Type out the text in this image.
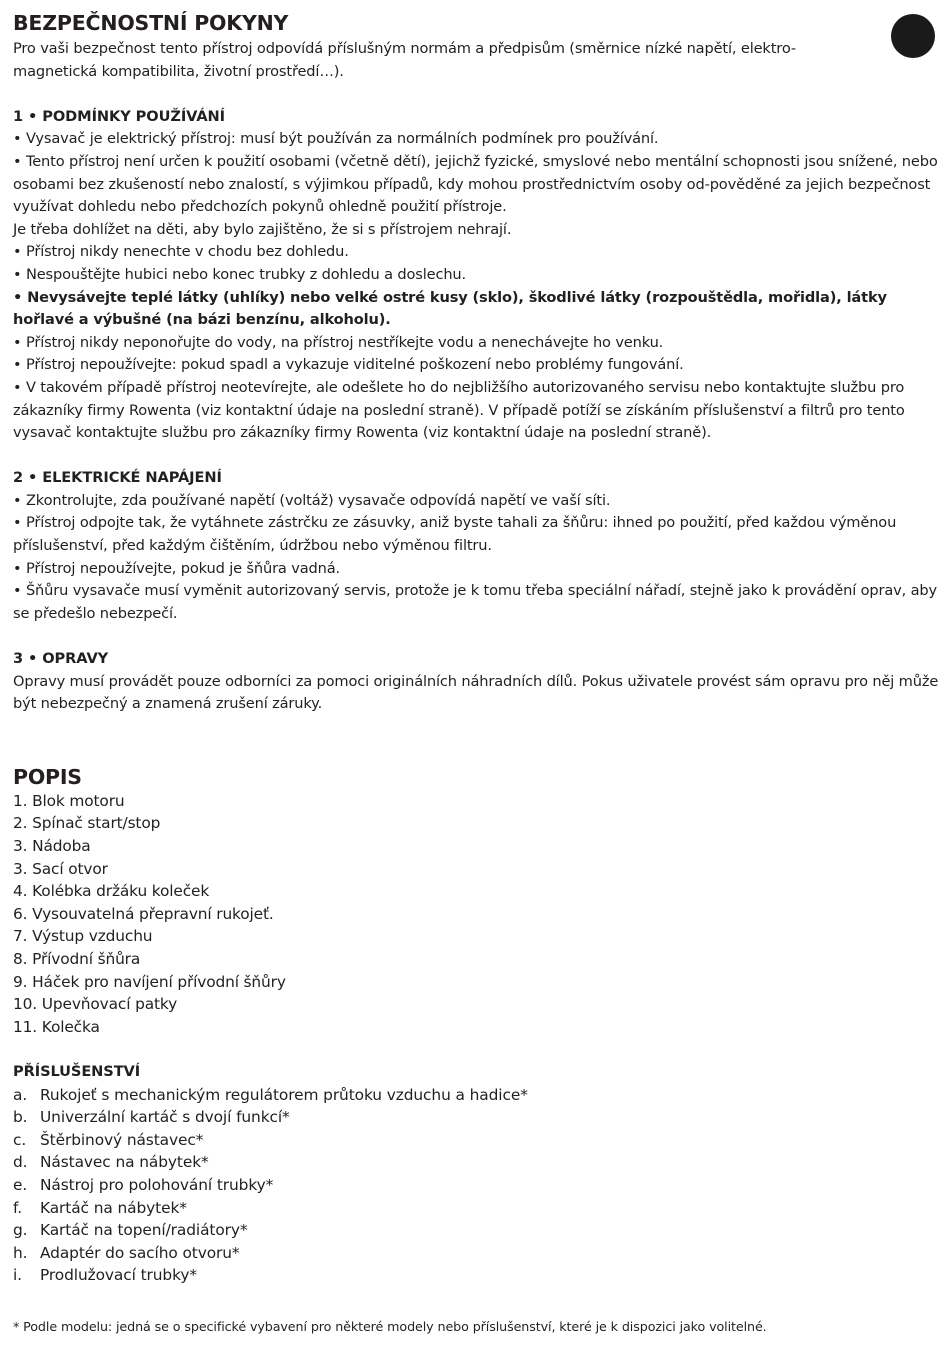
BEZPEČNOSTNÍ POKYNY

Pro vaši bezpečnost tento přístroj odpovídá příslušným normám a předpisům (směrnice nízké napětí, elektro-magnetická kompatibilita, životní prostředí…).

1 • PODMÍNKY POUŽÍVÁNÍ

• Vysavač je elektrický přístroj: musí být používán za normálních podmínek pro používání.

• Tento přístroj není určen k použití osobami (včetně dětí), jejichž fyzické, smyslové nebo mentální schopnosti jsou snížené, nebo osobami bez zkušeností nebo znalostí, s výjimkou případů, kdy mohou prostřednictvím osoby od-pověděné za jejich bezpečnost využívat dohledu nebo předchozích pokynů ohledně použití přístroje.

Je třeba dohlížet na děti, aby bylo zajištěno, že si s přístrojem nehrají.

• Přístroj nikdy nenechte v chodu bez dohledu.

• Nespouštějte hubici nebo konec trubky z dohledu a doslechu.

• Nevysávejte teplé látky (uhlíky) nebo velké ostré kusy (sklo), škodlivé látky (rozpouštědla, mořidla), látky hořlavé a výbušné (na bázi benzínu, alkoholu).

• Přístroj nikdy neponořujte do vody, na přístroj nestříkejte vodu a nenechávejte ho venku.

• Přístroj nepoužívejte: pokud spadl a vykazuje viditelné poškození nebo problémy fungování.

• V takovém případě přístroj neotevírejte, ale odešlete ho do nejbližšího autorizovaného servisu nebo kontaktujte službu pro zákazníky firmy Rowenta (viz kontaktní údaje na poslední straně). V případě potíží se získáním příslušenství a filtrů pro tento vysavač kontaktujte službu pro zákazníky firmy Rowenta (viz kontaktní údaje na poslední straně).

2 • ELEKTRICKÉ NAPÁJENÍ

• Zkontrolujte, zda používané napětí (voltáž) vysavače odpovídá napětí ve vaší síti.

• Přístroj odpojte tak, že vytáhnete zástrčku ze zásuvky, aniž byste tahali za šňůru: ihned po použití, před každou výměnou příslušenství, před každým čištěním, údržbou nebo výměnou filtru.

• Přístroj nepoužívejte, pokud je šňůra vadná.

• Šňůru vysavače musí vyměnit autorizovaný servis, protože je k tomu třeba speciální nářadí, stejně jako k provádění oprav, aby se předešlo nebezpečí.

3 • OPRAVY

Opravy musí provádět pouze odborníci za pomoci originálních náhradních dílů. Pokus uživatele provést sám opravu pro něj může být nebezpečný a znamená zrušení záruky.

POPIS
1. Blok motoru
2. Spínač start/stop
3. Nádoba
3. Sací otvor
4. Kolébka držáku koleček
6. Vysouvatelná přepravní rukojeť.
7. Výstup vzduchu
8. Přívodní šňůra
9. Háček pro navíjení přívodní šňůry
10. Upevňovací patky
11. Kolečka
PŘÍSLUŠENSTVÍ
a. Rukojeť s mechanickým regulátorem průtoku vzduchu a hadice*
b. Univerzální kartáč s dvojí funkcí*
c. Štěrbinový nástavec*
d. Nástavec na nábytek*
e. Nástroj pro polohování trubky*
f. Kartáč na nábytek*
g. Kartáč na topení/radiátory*
h. Adaptér do sacího otvoru*
i. Prodlužovací trubky*
* Podle modelu: jedná se o specifické vybavení pro některé modely nebo příslušenství, které je k dispozici jako volitelné.
